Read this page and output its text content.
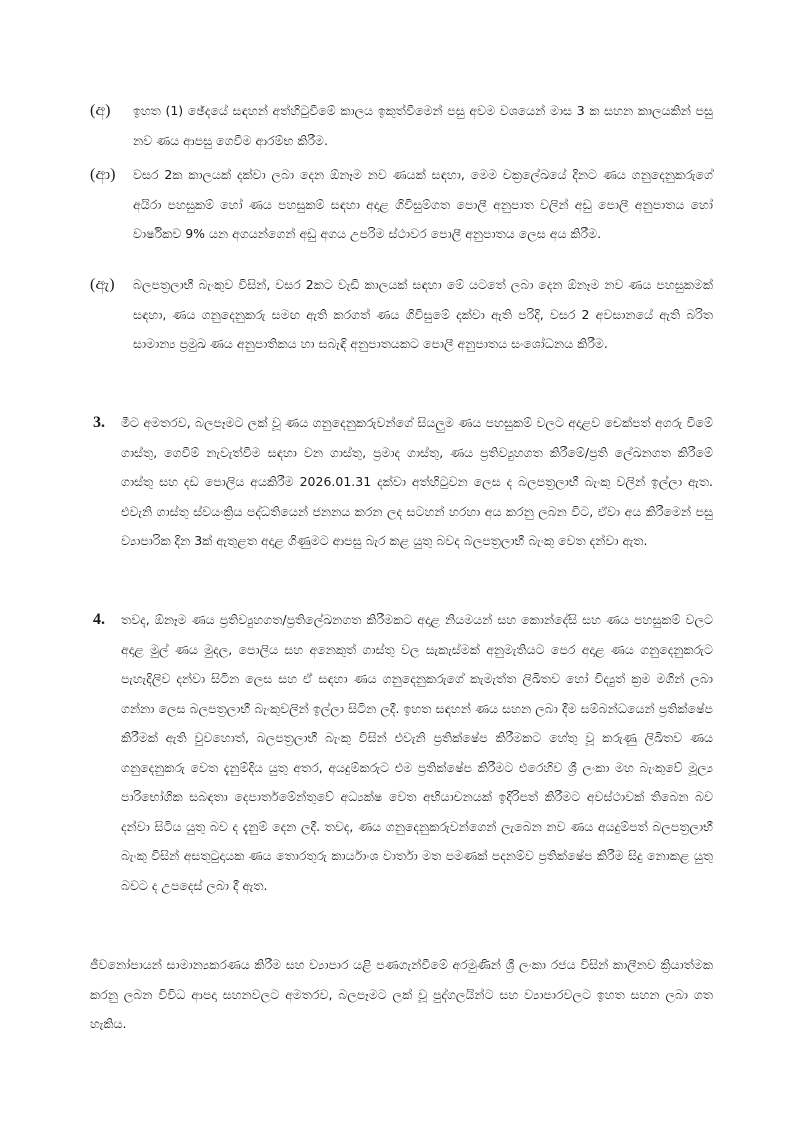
(අ) ඉහත (1) ඡේදයේ සඳහන් අත්හිටුවීමේ කාලය ඉකුත්වීමෙන් පසු අවම වශයෙන් මාස 3 ක සහන කාලයකින් පසු නව ණය ආපසු ගෙවීම ආරම්භ කිරීම.
(ආ) වසර 2ක කාලයක් දක්වා ලබා දෙන ඕනෑම නව ණයක් සඳහා, මෙම චක්‍රලේඛයේ දිනට ණය ගනුදෙනුකරුගේ අයිරා පහසුකම් හෝ ණය පහසුකම් සඳහා අදාළ ගිවිසුම්ගත පොලී අනුපාත වලින් අඩු පොලී අනුපාතය හෝ වාර්ෂිකව 9% යන අගයන්ගෙන් අඩු අගය උපරිම ස්ථාවර පොලී අනුපාතය ලෙස අය කිරීම.
(ඇ) බලපත්‍රලාභී බැංකුව විසින්, වසර 2කට වැඩි කාලයක් සඳහා මේ යටතේ ලබා දෙන ඕනෑම නව ණය පහසුකමක් සඳහා, ණය ගනුදෙනුකරු සමඟ ඇති කරගත් ණය ගිවිසුමේ දක්වා ඇති පරිදි, වසර 2 අවසානයේ ඇති බරිත සාමාන්‍ය ප්‍රමුඛ ණය අනුපාතිකය හා සබැඳි අනුපාතයකට පොලී අනුපාතය සංශෝධනය කිරීම.
3. මීට අමතරව, බලපෑමට ලක් වූ ණය ගනුදෙනුකරුවන්ගේ සියලුම ණය පහසුකම් වලට අදාළව චෙක්පත් අගරු වීමේ ගාස්තු, ගෙවීම් නැවැත්වීම සඳහා වන ගාස්තු, ප්‍රමාද ගාස්තු, ණය ප්‍රතිව්‍යුහගත කිරීමේ/ප්‍රති ලේඛනගත කිරීමේ ගාස්තු සහ දඩ පොලිය අයකිරීම 2026.01.31 දක්වා අත්හිටුවන ලෙස ද බලපත්‍රලාභී බැංකු වලින් ඉල්ලා ඇත. එවැනි ගාස්තු ස්වයංක්‍රිය පද්ධතියෙන් ජනනය කරන ලද සටහන් හරහා අය කරනු ලබන විට, ඒවා අය කිරීමෙන් පසු ව්‍යාපාරික දින 3ක් ඇතුළත අදාළ ගිණුමට ආපසු බැර කළ යුතු බවද බලපත්‍රලාභී බැංකු වෙත දන්වා ඇත.
4. තවද, ඕනෑම ණය ප්‍රතිව්‍යුහගත/ප්‍රතිලේඛනගත කිරීමකට අදාළ නියමයන් සහ කොන්දේසි සහ ණය පහසුකම් වලට අදාළ මුල් ණය මුදල, පොලිය සහ අනෙකුත් ගාස්තු වල සැකැස්මක් අනුමැතියට පෙර අදාළ ණය ගනුදෙනුකරුට පැහැදිලිව දන්වා සිටින ලෙස සහ ඒ සඳහා ණය ගනුදෙනුකරුගේ කැමැත්ත ලිඛිතව හෝ විද්‍යුත් ක්‍රම මගින් ලබා ගන්නා ලෙස බලපත්‍රලාභී බැංකුවලින් ඉල්ලා සිටින ලදී. ඉහත සඳහන් ණය සහන ලබා දීම සම්බන්ධයෙන් ප්‍රතික්ෂේප කිරීමක් ඇති වුවහොත්, බලපත්‍රලාභී බැංකු විසින් එවැනි ප්‍රතික්ෂේප කිරීමකට හේතු වූ කරුණු ලිඛිතව ණය ගනුදෙනුකරු වෙත දැනුම්දිය යුතු අතර, අයදුම්කරුට එම ප්‍රතික්ෂේප කිරීමට එරෙහිව ශ්‍රී ලංකා මහ බැංකුවේ මූල්‍ය පාරිභෝගික සබඳතා දෙපාර්තමේන්තුවේ අධ්‍යක්ෂ වෙත අභියාචනයක් ඉදිරිපත් කිරීමට අවස්ථාවක් තිබෙන බව දන්වා සිටිය යුතු බව ද දැනුම් දෙන ලදී. තවද, ණය ගනුදෙනුකරුවන්ගෙන් ලැබෙන නව ණය අයදුම්පත් බලපත්‍රලාභී බැංකු විසින් අසතුටුදායක ණය තොරතුරු කාර්යාංශ වාර්තා මත පමණක් පදනම්ව ප්‍රතික්ෂේප කිරීම සිදු නොකළ යුතු බවට ද උපදෙස් ලබා දී ඇත.
ජීවනෝපායන් සාමාන්‍යකරණය කිරීම සහ ව්‍යාපාර යළි පණගැන්වීමේ අරමුණින් ශ්‍රී ලංකා රජය විසින් කාලීනව ක්‍රියාත්මක කරනු ලබන විවිධ ආපදා සහනවලට අමතරව, බලපෑමට ලක් වූ පුද්ගලයින්ට සහ ව්‍යාපාරවලට ඉහත සහන ලබා ගත හැකිය.
